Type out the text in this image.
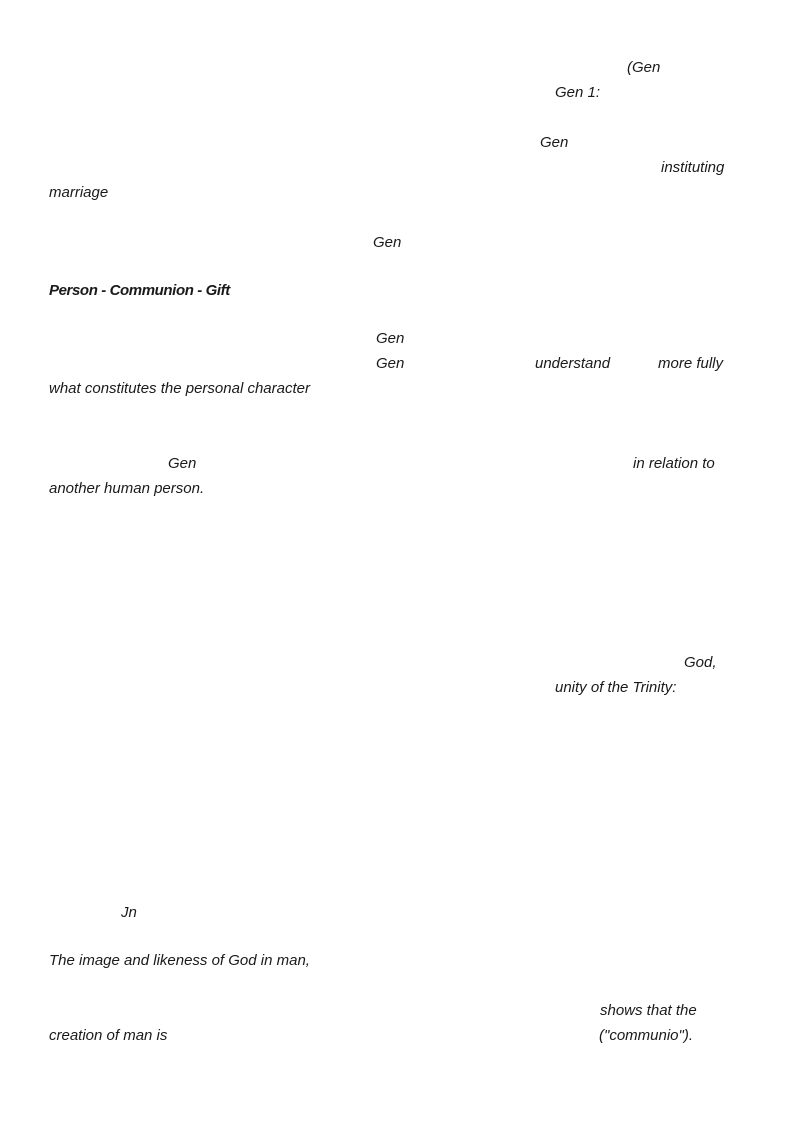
(Gen
Gen 1:
Gen
instituting
marriage
Gen
Person - Communion - Gift
Gen
Gen	understand	more fully
what constitutes the personal character
Gen	in relation to
another human person.
God,
unity of the Trinity:
Jn
The image and likeness of God in man,
shows that the
creation of man is	("communio").
